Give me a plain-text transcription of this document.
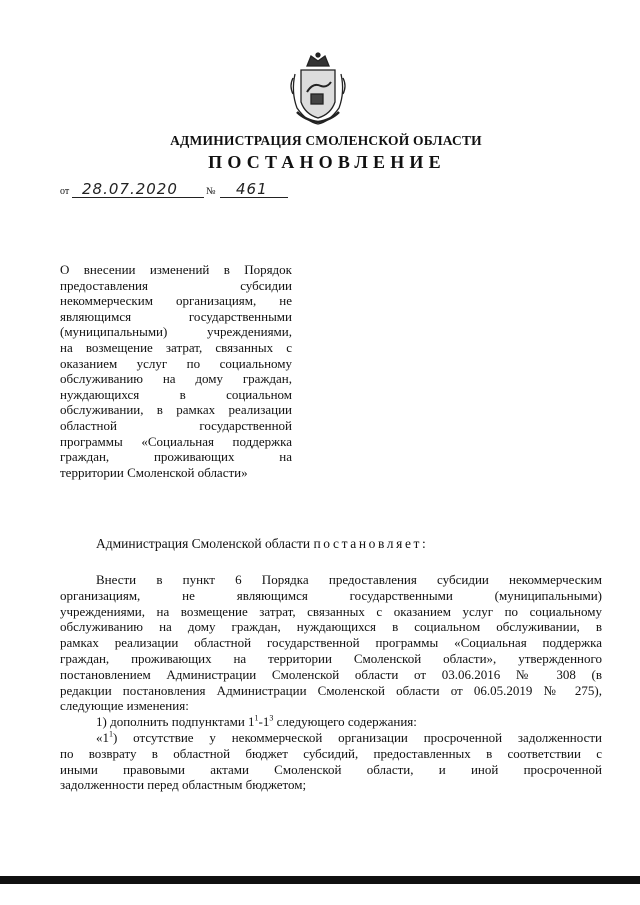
АДМИНИСТРАЦИЯ СМОЛЕНСКОЙ ОБЛАСТИ
ПОСТАНОВЛЕНИЕ
от 28.07.2020	№ 461
О внесении изменений в Порядок
предоставления субсидии
некоммерческим организациям, не
являющимся государственными
(муниципальными) учреждениями,
на возмещение затрат, связанных с
оказанием услуг по социальному
обслуживанию на дому граждан,
нуждающихся в социальном
обслуживании, в рамках реализации
областной государственной
программы «Социальная поддержка
граждан, проживающих на
территории Смоленской области»
Администрация Смоленской области постановляет:
Внести в пункт 6 Порядка предоставления субсидии некоммерческим
организациям, не являющимся государственными (муниципальными)
учреждениями, на возмещение затрат, связанных с оказанием услуг по социальному
обслуживанию на дому граждан, нуждающихся в социальном обслуживании, в
рамках реализации областной государственной программы «Социальная поддержка
граждан, проживающих на территории Смоленской области», утвержденного
постановлением Администрации Смоленской области от 03.06.2016 № 308 (в
редакции постановления Администрации Смоленской области от 06.05.2019 № 275),
следующие изменения:
1) дополнить подпунктами $1^1-1^3$ следующего содержания:
«$1^1$) отсутствие у некоммерческой организации просроченной задолженности
по возврату в областной бюджет субсидий, предоставленных в соответствии с
иными правовыми актами Смоленской области, и иной просроченной
задолженности перед областным бюджетом;
